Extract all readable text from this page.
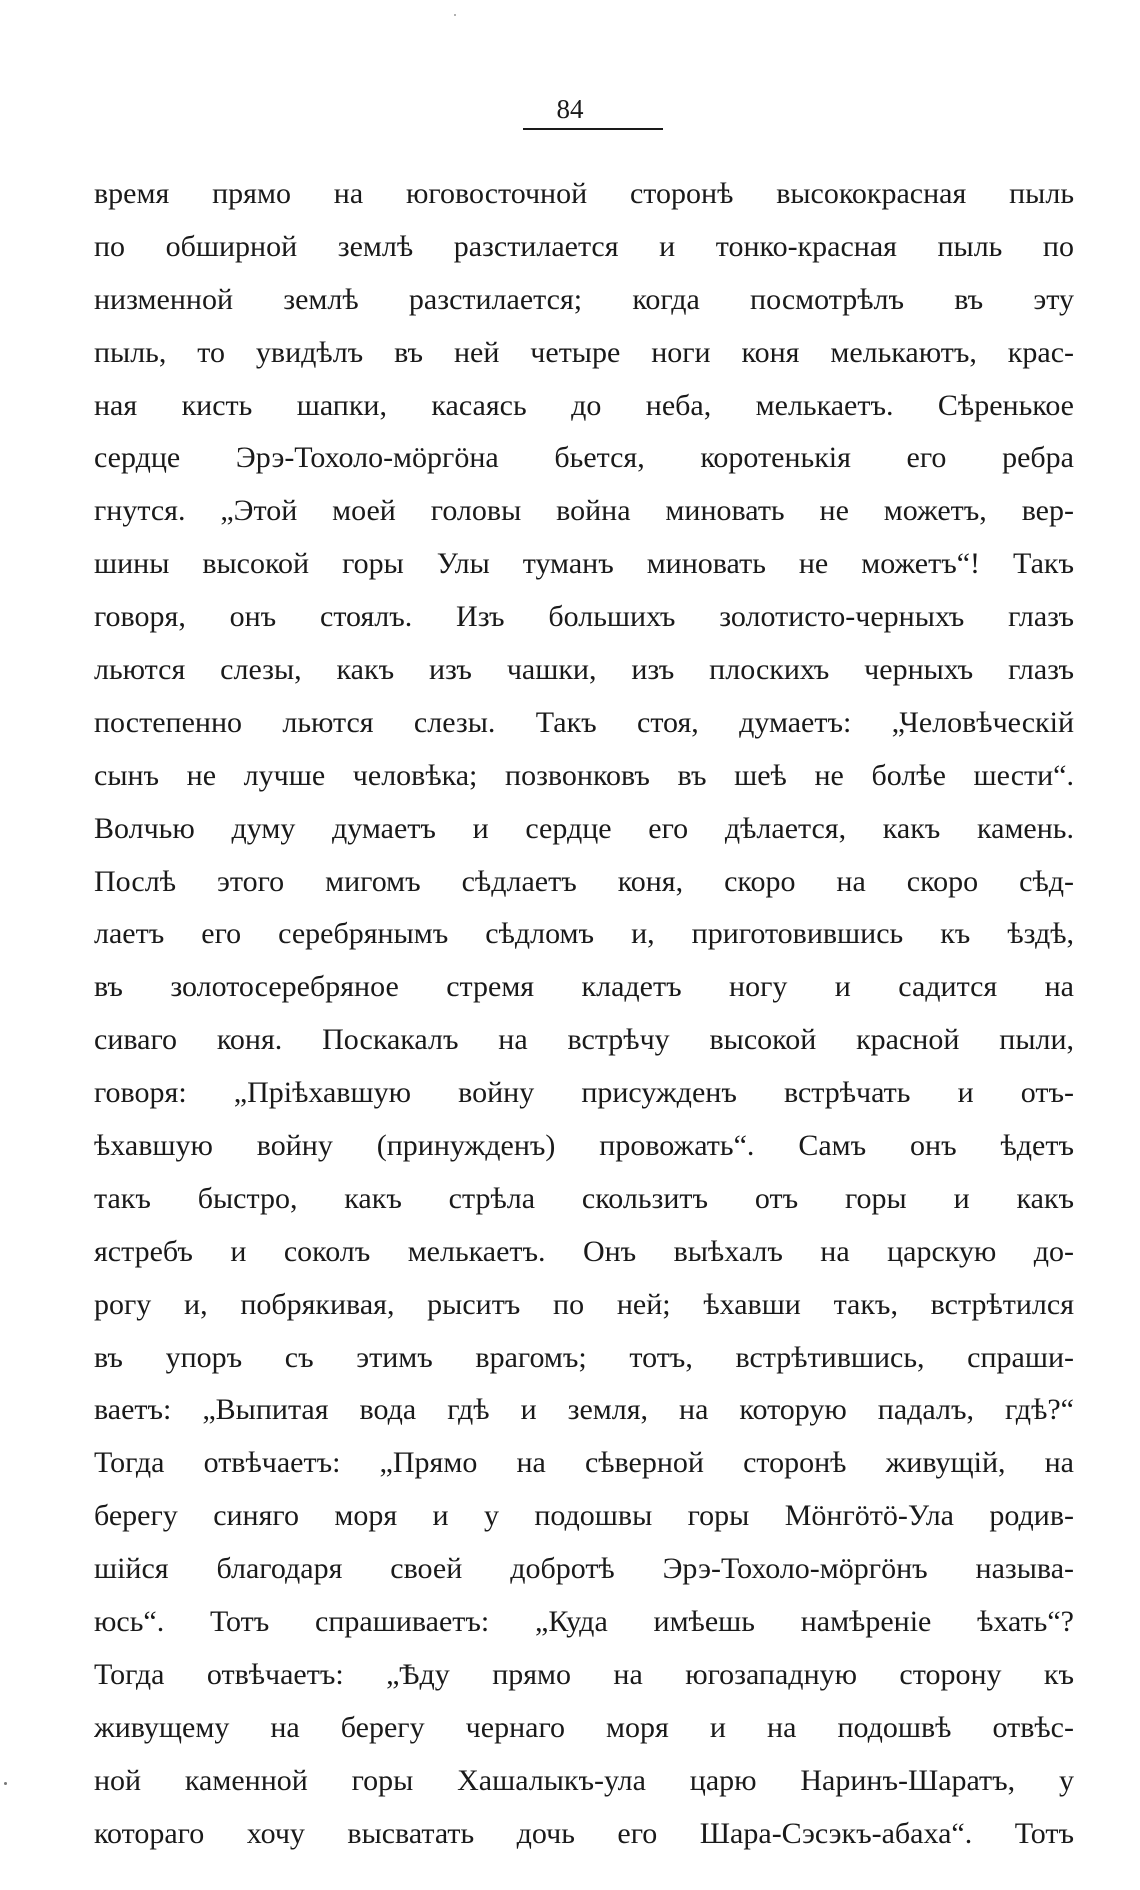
84
время прямо на юговосточной сторонѣ высококрасная пыль
по обширной землѣ разстилается и тонко-красная пыль по
низменной землѣ разстилается; когда посмотрѣлъ въ эту
пыль, то увидѣлъ въ ней четыре ноги коня мелькаютъ, крас-
ная кисть шапки, касаясь до неба, мелькаетъ. Сѣренькое
сердце Эрэ-Тохоло-мöргöна бьется, коротенькія его ребра
гнутся. „Этой моей головы война миновать не можетъ, вер-
шины высокой горы Улы туманъ миновать не можетъ“! Такъ
говоря, онъ стоялъ. Изъ большихъ золотисто-черныхъ глазъ
льются слезы, какъ изъ чашки, изъ плоскихъ черныхъ глазъ
постепенно льются слезы. Такъ стоя, думаетъ: „Человѣческій
сынъ не лучше человѣка; позвонковъ въ шеѣ не болѣе шести“.
Волчью думу думаетъ и сердце его дѣлается, какъ камень.
Послѣ этого мигомъ сѣдлаетъ коня, скоро на скоро сѣд-
лаетъ его серебрянымъ сѣдломъ и, приготовившись къ ѣздѣ,
въ золотосеребряное стремя кладетъ ногу и садится на
сиваго коня. Поскакалъ на встрѣчу высокой красной пыли,
говоря: „Пріѣхавшую войну присужденъ встрѣчать и отъ-
ѣхавшую войну (принужденъ) провожать“. Самъ онъ ѣдетъ
такъ быстро, какъ стрѣла скользитъ отъ горы и какъ
ястребъ и соколъ мелькаетъ. Онъ выѣхалъ на царскую до-
рогу и, побрякивая, рыситъ по ней; ѣхавши такъ, встрѣтился
въ упоръ съ этимъ врагомъ; тотъ, встрѣтившись, спраши-
ваетъ: „Выпитая вода гдѣ и земля, на которую падалъ, гдѣ?“
Тогда отвѣчаетъ: „Прямо на сѣверной сторонѣ живущій, на
берегу синяго моря и у подошвы горы Мöнгöтö-Ула родив-
шійся благодаря своей добротѣ Эрэ-Тохоло-мöргöнъ называ-
юсь“. Тотъ спрашиваетъ: „Куда имѣешь намѣреніе ѣхать“?
Тогда отвѣчаетъ: „Ѣду прямо на югозападную сторону къ
живущему на берегу чернаго моря и на подошвѣ отвѣс-
ной каменной горы Хашалыкъ-ула царю Наринъ-Шаратъ, у
котораго хочу высватать дочь его Шара-Сэсэкъ-абаха“. Тотъ
